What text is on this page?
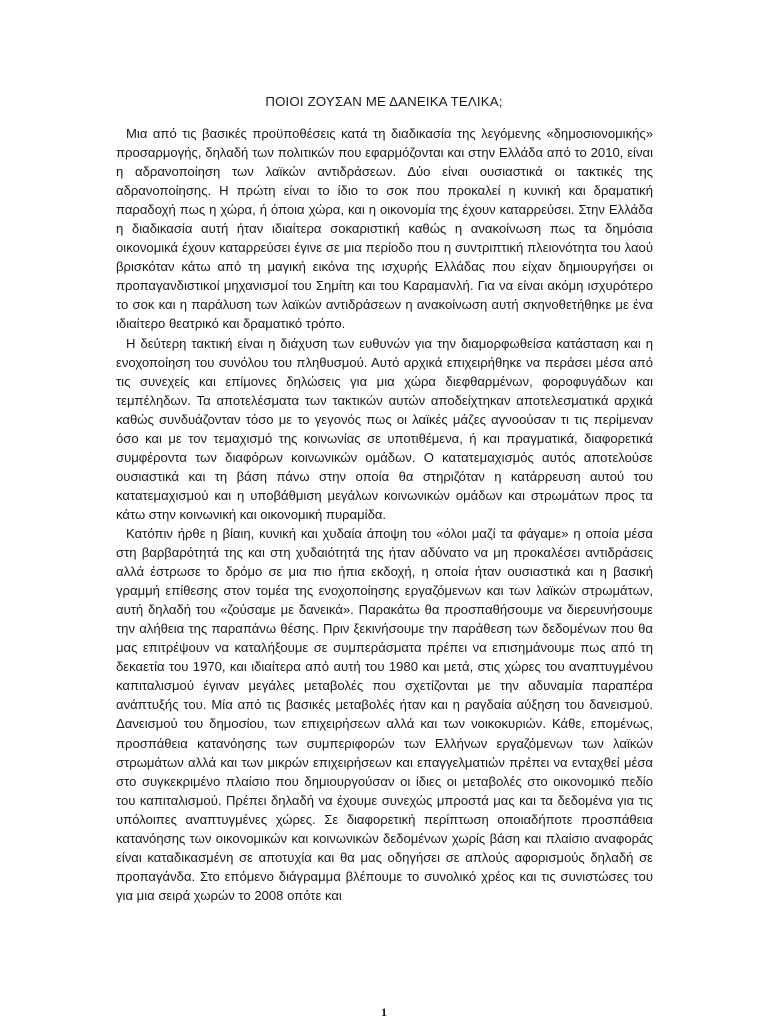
ΠΟΙΟΙ ΖΟΥΣΑΝ ΜΕ ΔΑΝΕΙΚΑ ΤΕΛΙΚΑ;

Μια από τις βασικές προϋποθέσεις κατά τη διαδικασία της λεγόμενης «δημοσιονομικής» προσαρμογής, δηλαδή των πολιτικών που εφαρμόζονται και στην Ελλάδα από το 2010, είναι η αδρανοποίηση των λαϊκών αντιδράσεων. Δύο είναι ουσιαστικά οι τακτικές της αδρανοποίησης. Η πρώτη είναι το ίδιο το σοκ που προκαλεί η κυνική και δραματική παραδοχή πως η χώρα, ή όποια χώρα, και η οικονομία της έχουν καταρρεύσει. Στην Ελλάδα η διαδικασία αυτή ήταν ιδιαίτερα σοκαριστική καθώς η ανακοίνωση πως τα δημόσια οικονομικά έχουν καταρρεύσει έγινε σε μια περίοδο που η συντριπτική πλειονότητα του λαού βρισκόταν κάτω από τη μαγική εικόνα της ισχυρής Ελλάδας που είχαν δημιουργήσει οι προπαγανδιστικοί μηχανισμοί του Σημίτη και του Καραμανλή. Για να είναι ακόμη ισχυρότερο το σοκ και η παράλυση των λαϊκών αντιδράσεων η ανακοίνωση αυτή σκηνοθετήθηκε με ένα ιδιαίτερο θεατρικό και δραματικό τρόπο.

Η δεύτερη τακτική είναι η διάχυση των ευθυνών για την διαμορφωθείσα κατάσταση και η ενοχοποίηση του συνόλου του πληθυσμού. Αυτό αρχικά επιχειρήθηκε να περάσει μέσα από τις συνεχείς και επίμονες δηλώσεις για μια χώρα διεφθαρμένων, φοροφυγάδων και τεμπέληδων. Τα αποτελέσματα των τακτικών αυτών αποδείχτηκαν αποτελεσματικά αρχικά καθώς συνδυάζονταν τόσο με το γεγονός πως οι λαϊκές μάζες αγνοούσαν τι τις περίμεναν όσο και με τον τεμαχισμό της κοινωνίας σε υποτιθέμενα, ή και πραγματικά, διαφορετικά συμφέροντα των διαφόρων κοινωνικών ομάδων. Ο κατατεμαχισμός αυτός αποτελούσε ουσιαστικά και τη βάση πάνω στην οποία θα στηριζόταν η κατάρρευση αυτού του κατατεμαχισμού και η υποβάθμιση μεγάλων κοινωνικών ομάδων και στρωμάτων προς τα κάτω στην κοινωνική και οικονομική πυραμίδα.

Κατόπιν ήρθε η βίαιη, κυνική και χυδαία άποψη του «όλοι μαζί τα φάγαμε» η οποία μέσα στη βαρβαρότητά της και στη χυδαιότητά της ήταν αδύνατο να μη προκαλέσει αντιδράσεις αλλά έστρωσε το δρόμο σε μια πιο ήπια εκδοχή, η οποία ήταν ουσιαστικά και η βασική γραμμή επίθεσης στον τομέα της ενοχοποίησης εργαζόμενων και των λαϊκών στρωμάτων, αυτή δηλαδή του «ζούσαμε με δανεικά». Παρακάτω θα προσπαθήσουμε να διερευνήσουμε την αλήθεια της παραπάνω θέσης. Πριν ξεκινήσουμε την παράθεση των δεδομένων που θα μας επιτρέψουν να καταλήξουμε σε συμπεράσματα πρέπει να επισημάνουμε πως από τη δεκαετία του 1970, και ιδιαίτερα από αυτή του 1980 και μετά, στις χώρες του αναπτυγμένου καπιταλισμού έγιναν μεγάλες μεταβολές που σχετίζονται με την αδυναμία παραπέρα ανάπτυξής του. Μία από τις βασικές μεταβολές ήταν και η ραγδαία αύξηση του δανεισμού. Δανεισμού του δημοσίου, των επιχειρήσεων αλλά και των νοικοκυριών. Κάθε, επομένως, προσπάθεια κατανόησης των συμπεριφορών των Ελλήνων εργαζόμενων των λαϊκών στρωμάτων αλλά και των μικρών επιχειρήσεων και επαγγελματιών πρέπει να ενταχθεί μέσα στο συγκεκριμένο πλαίσιο που δημιουργούσαν οι ίδιες οι μεταβολές στο οικονομικό πεδίο του καπιταλισμού. Πρέπει δηλαδή να έχουμε συνεχώς μπροστά μας και τα δεδομένα για τις υπόλοιπες αναπτυγμένες χώρες. Σε διαφορετική περίπτωση οποιαδήποτε προσπάθεια κατανόησης των οικονομικών και κοινωνικών δεδομένων χωρίς βάση και πλαίσιο αναφοράς είναι καταδικασμένη σε αποτυχία και θα μας οδηγήσει σε απλούς αφορισμούς δηλαδή σε προπαγάνδα. Στο επόμενο διάγραμμα βλέπουμε το συνολικό χρέος και τις συνιστώσες του για μια σειρά χωρών το 2008 οπότε και

1
